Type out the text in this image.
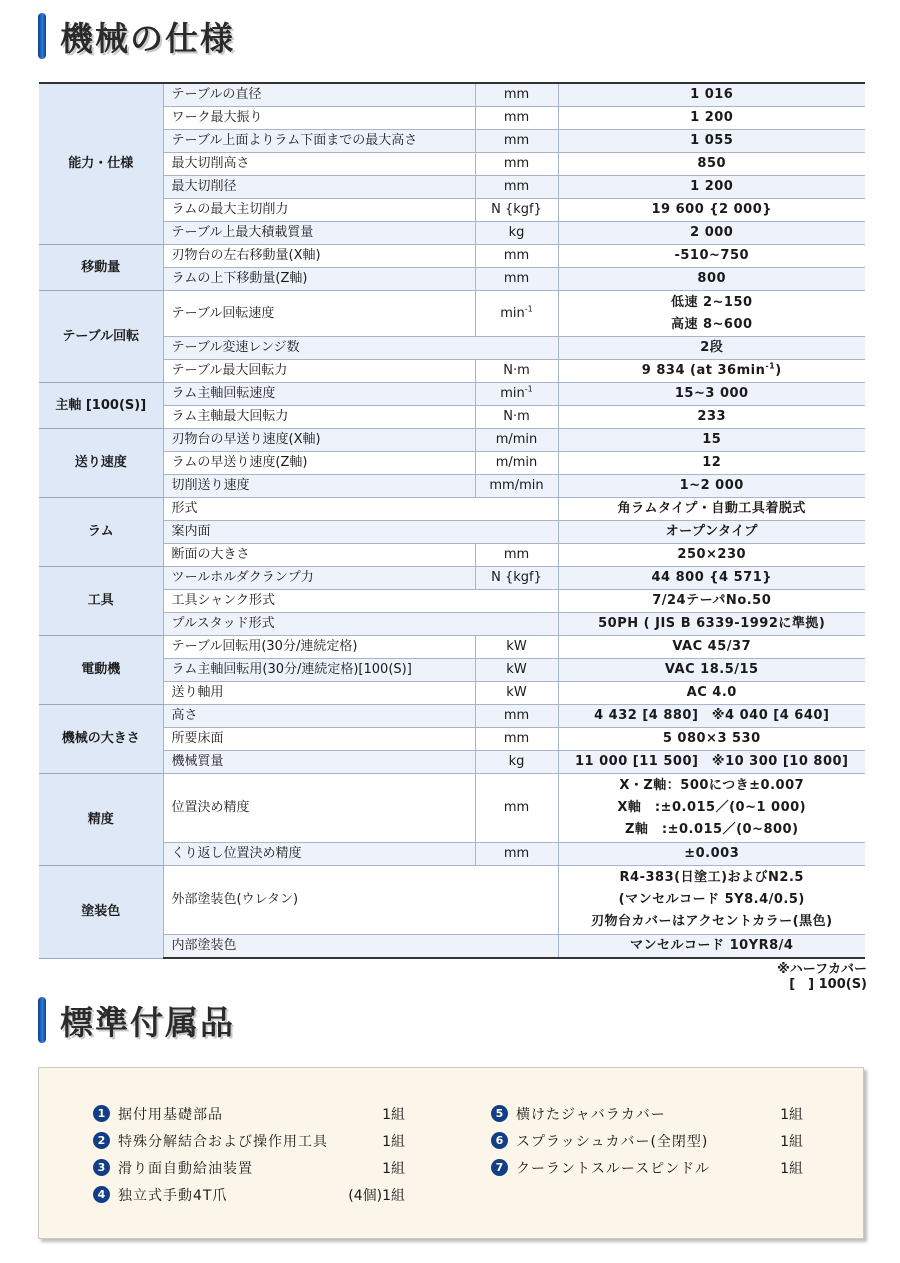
機械の仕様
能力・仕様	テーブルの直径	mm	1 016
	ワーク最大振り	mm	1 200
	テーブル上面よりラム下面までの最大高さ	mm	1 055
	最大切削高さ	mm	850
	最大切削径	mm	1 200
	ラムの最大主切削力	N {kgf}	19 600 {2 000}
	テーブル上最大積載質量	kg	2 000
移動量	刃物台の左右移動量(X軸)	mm	-510~750
	ラムの上下移動量(Z軸)	mm	800
テーブル回転	テーブル回転速度	$\min^{-1}$	低速 2~150
高速 8~600

	テーブル変速レンジ数		2段
	テーブル最大回転力	N·m	9 834 (at $36\min^{-1}$)
主軸 [100(S)]	ラム主軸回転速度	$\min^{-1}$	15~3 000
	ラム主軸最大回転力	N·m	233
送り速度	刃物台の早送り速度(X軸)	m/min	15
	ラムの早送り速度(Z軸)	m/min	12
	切削送り速度	mm/min	1~2 000
ラム	形式		角ラムタイプ・自動工具着脱式
	案内面		オープンタイプ
	断面の大きさ	mm	250×230
工具	ツールホルダクランプ力	N {kgf}	44 800 {4 571}
	工具シャンク形式		7/24テーパNo.50
	プルスタッド形式		50PH ( JIS B 6339-1992に準拠)
電動機	テーブル回転用(30分/連続定格)	kW	VAC 45/37
	ラム主軸回転用(30分/連続定格)[100(S)]	kW	VAC 18.5/15
	送り軸用	kW	AC 4.0
機械の大きさ	高さ	mm	4 432 [4 880]　※4 040 [4 640]
	所要床面	mm	5 080×3 530
	機械質量	kg	11 000 [11 500]　※10 300 [10 800]
精度	位置決め精度	mm	X・Z軸：500につき±0.007
X軸　:±0.015／(0~1 000)
Z軸　:±0.015／(0~800)

	くり返し位置決め精度	mm	±0.003
塗装色	外部塗装色(ウレタン)		R4-383(日塗工)およびN2.5
(マンセルコード 5Y8.4/0.5)
刃物台カバーはアクセントカラー(黒色)

	内部塗装色		マンセルコード 10YR8/4
※ハーフカバー
[　] 100(S)
標準付属品
1 据付用基礎部品	1組
2 特殊分解結合および操作用工具	1組
3 滑り面自動給油装置	1組
4 独立式手動4T爪	(4個)1組
5 横けたジャバラカバー	1組
6 スプラッシュカバー(全閉型)	1組
7 クーラントスルースピンドル	1組
